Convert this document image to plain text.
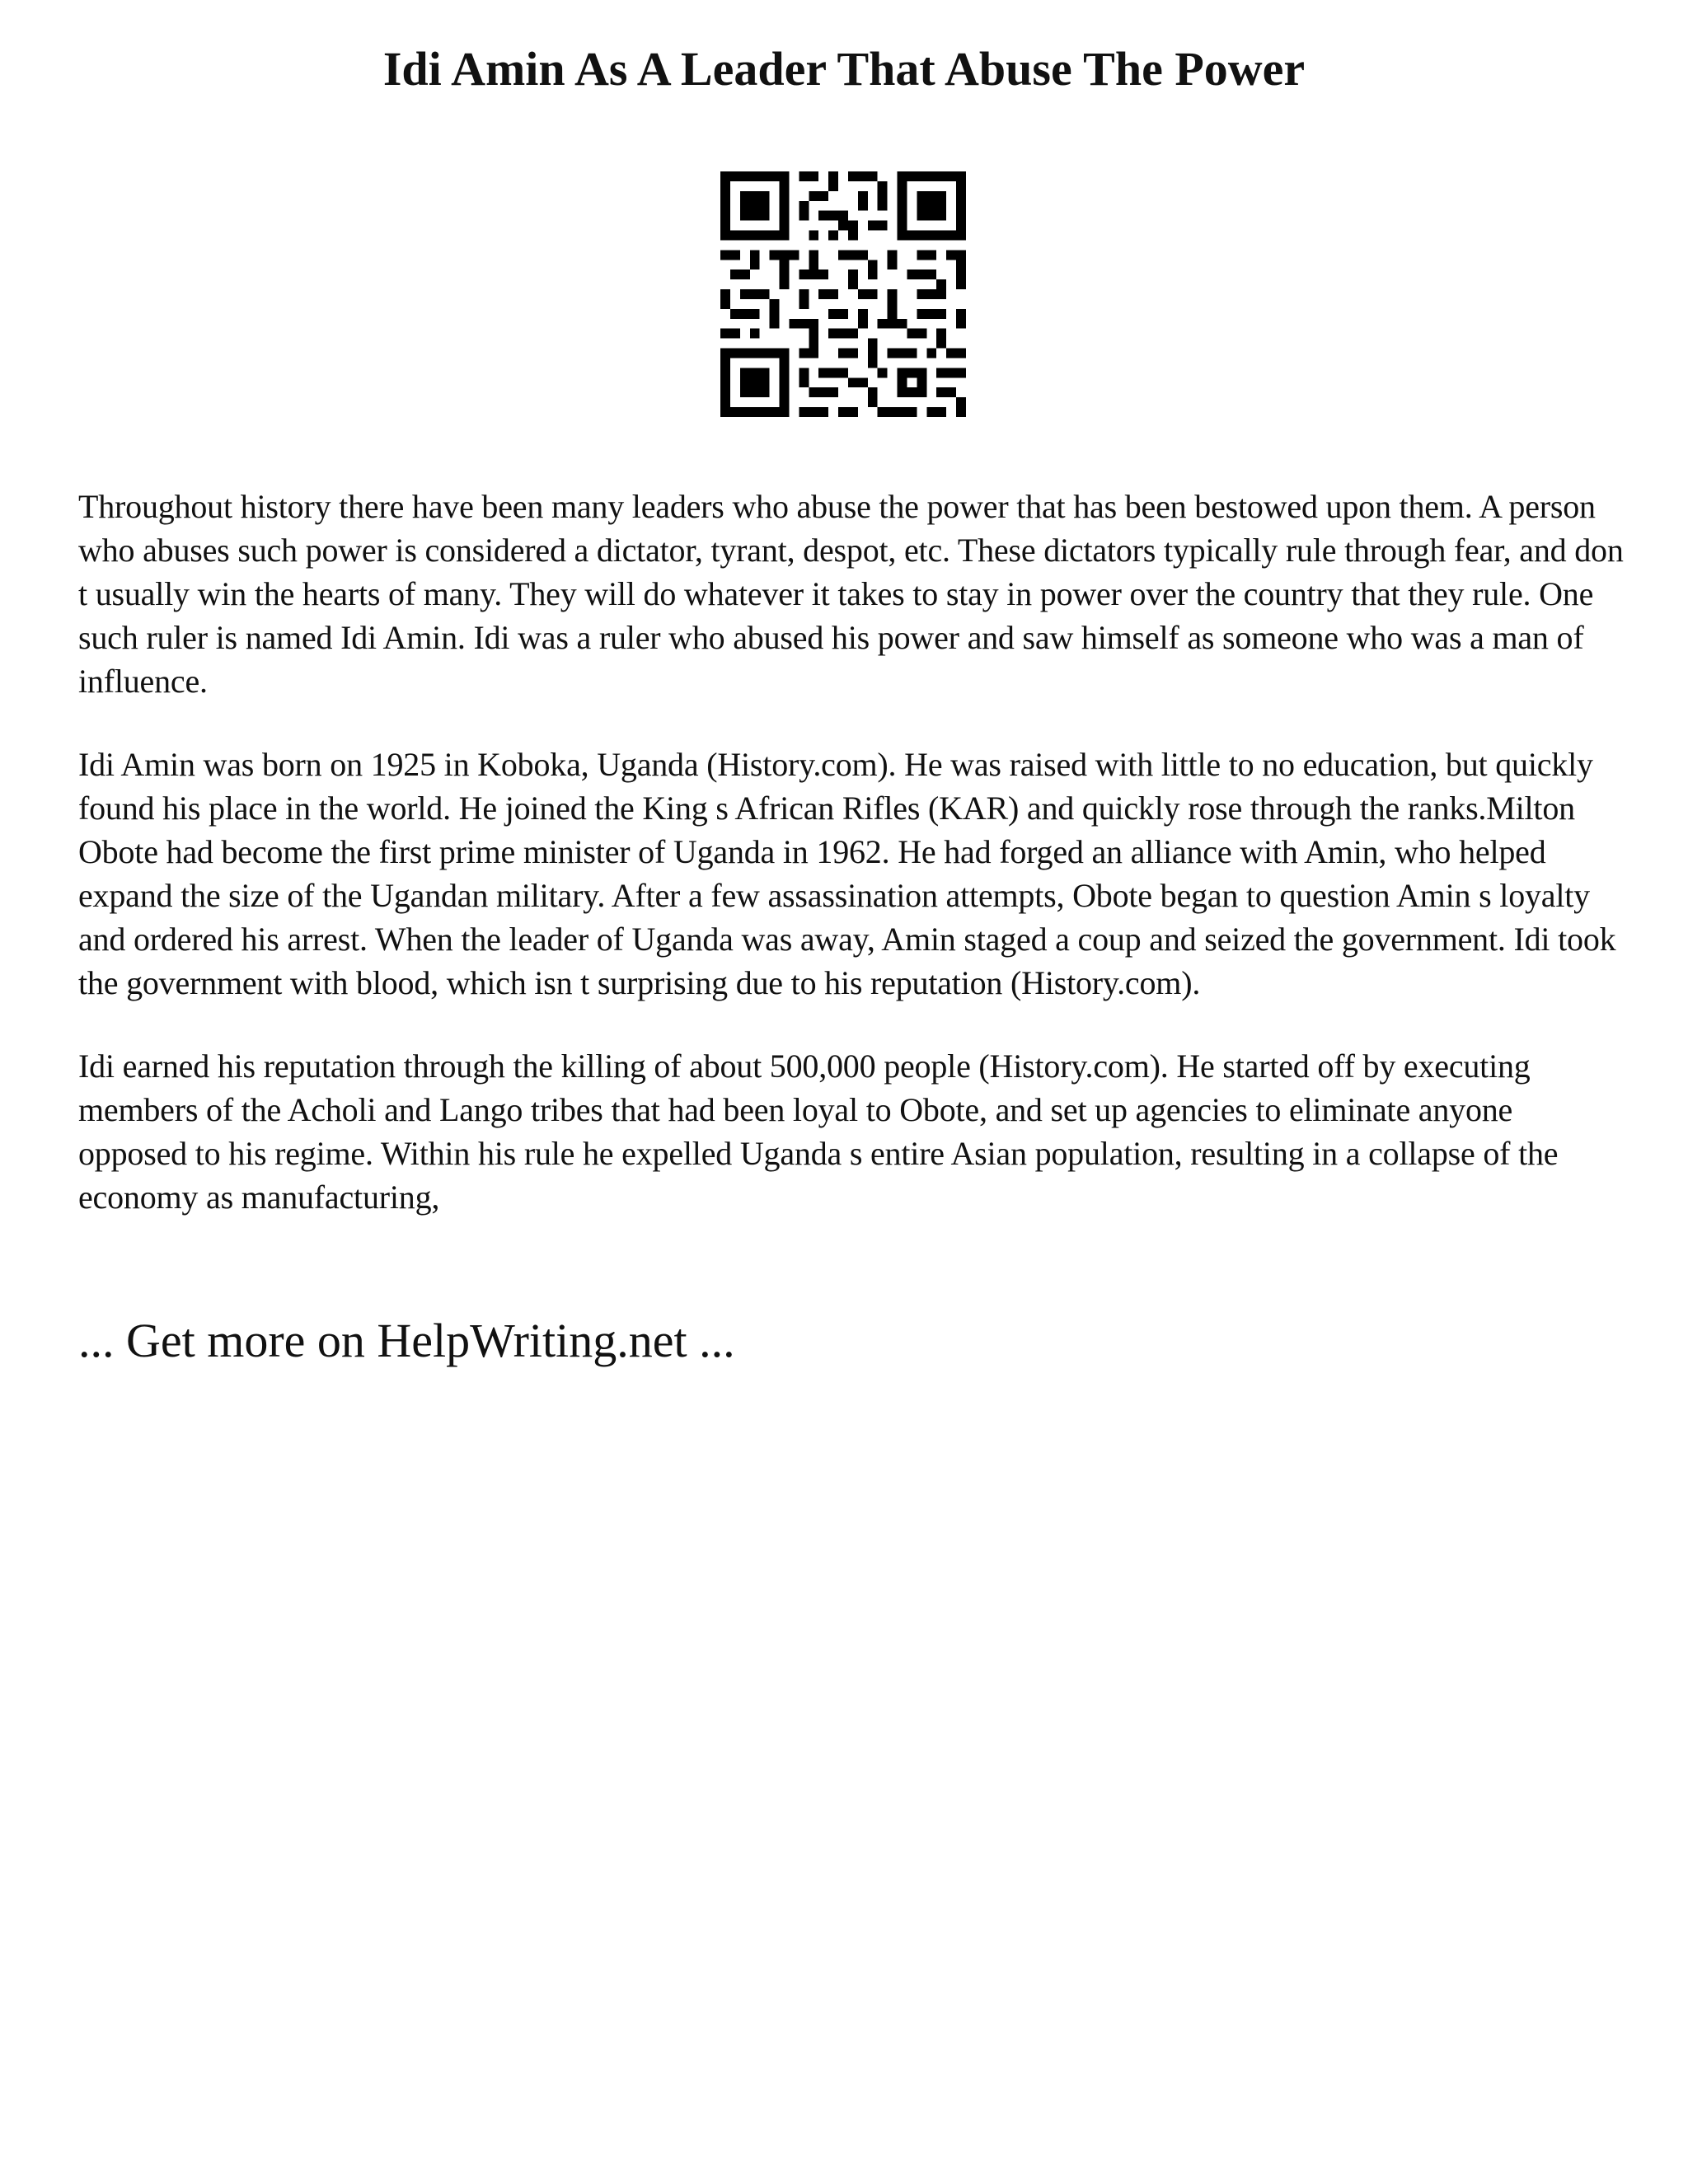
Idi Amin As A Leader That Abuse The Power

Throughout history there have been many leaders who abuse the power that has been bestowed upon them. A person who abuses such power is considered a dictator, tyrant, despot, etc. These dictators typically rule through fear, and don t usually win the hearts of many. They will do whatever it takes to stay in power over the country that they rule. One such ruler is named Idi Amin. Idi was a ruler who abused his power and saw himself as someone who was a man of influence.

Idi Amin was born on 1925 in Koboka, Uganda (History.com). He was raised with little to no education, but quickly found his place in the world. He joined the King s African Rifles (KAR) and quickly rose through the ranks.Milton Obote had become the first prime minister of Uganda in 1962. He had forged an alliance with Amin, who helped expand the size of the Ugandan military. After a few assassination attempts, Obote began to question Amin s loyalty and ordered his arrest. When the leader of Uganda was away, Amin staged a coup and seized the government. Idi took the government with blood, which isn t surprising due to his reputation (History.com).

Idi earned his reputation through the killing of about 500,000 people (History.com). He started off by executing members of the Acholi and Lango tribes that had been loyal to Obote, and set up agencies to eliminate anyone opposed to his regime. Within his rule he expelled Uganda s entire Asian population, resulting in a collapse of the economy as manufacturing,

... Get more on HelpWriting.net ...
